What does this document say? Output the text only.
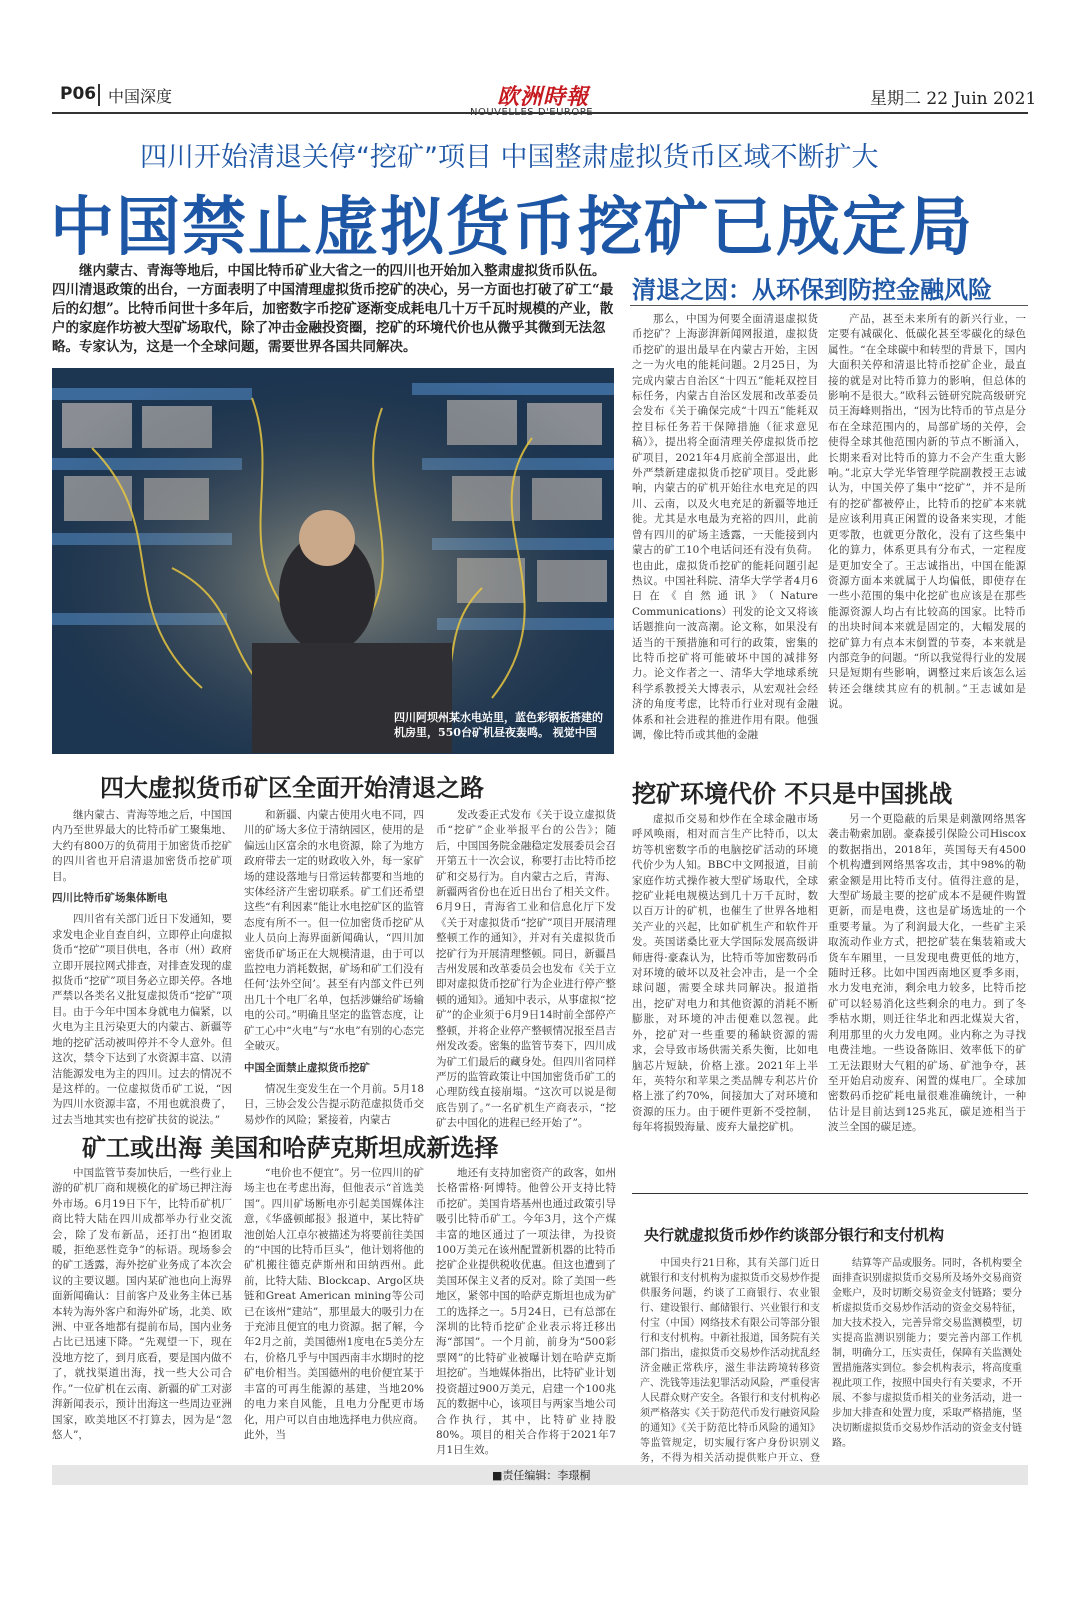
P06 中国深度	欧洲時報	星期二 22 Juin 2021
四川开始清退关停“挖矿”项目 中国整肃虚拟货币区域不断扩大
中国禁止虚拟货币挖矿已成定局
继内蒙古、青海等地后，中国比特币矿业大省之一的四川也开始加入整肃虚拟货币队伍。四川清退政策的出台，一方面表明了中国清理虚拟货币挖矿的决心，另一方面也打破了矿工“最后的幻想”。比特币问世十多年后，加密数字币挖矿逐渐变成耗电几十万千瓦时规模的产业，散户的家庭作坊被大型矿场取代，除了冲击金融投资圈，挖矿的环境代价也从微乎其微到无法忽略。专家认为，这是一个全球问题，需要世界各国共同解决。
四川阿坝州某水电站里，蓝色彩钢板搭建的机房里，550台矿机昼夜轰鸣。 视觉中国
清退之因：从环保到防控金融风险

那么，中国为何要全面清退虚拟货币挖矿？上海澎湃新闻网报道，虚拟货币挖矿的退出最早在内蒙古开始，主因之一为火电的能耗问题。2月25日，为完成内蒙古自治区“十四五”能耗双控目标任务，内蒙古自治区发展和改革委员会发布《关于确保完成“十四五”能耗双控目标任务若干保障措施（征求意见稿）》，提出将全面清理关停虚拟货币挖矿项目，2021年4月底前全部退出，此外严禁新建虚拟货币挖矿项目。受此影响，内蒙古的矿机开始往水电充足的四川、云南，以及火电充足的新疆等地迁徙。尤其是水电最为充裕的四川，此前曾有四川的矿场主透露，一天能接到内蒙古的矿工10个电话问还有没有负荷。也由此，虚拟货币挖矿的能耗问题引起热议。中国社科院、清华大学学者4月6日在《自然通讯》（Nature Communications）刊发的论文又将该话题推向一波高潮。论文称，如果没有适当的干预措施和可行的政策，密集的比特币挖矿将可能破坏中国的减排努力。论文作者之一、清华大学地球系统科学系教授关大博表示，从宏观社会经济的角度考虑，比特币行业对现有金融体系和社会进程的推进作用有限。他强调，像比特币或其他的金融

产品，甚至未来所有的新兴行业，一定要有减碳化、低碳化甚至零碳化的绿色属性。“在全球碳中和转型的背景下，国内大面积关停和清退比特币挖矿企业，最直接的就是对比特币算力的影响，但总体的影响不是很大。”欧科云链研究院高级研究员王海峰则指出，“因为比特币的节点是分布在全球范围内的，局部矿场的关停，会使得全球其他范围内新的节点不断涌入，长期来看对比特币的算力不会产生重大影响。”北京大学光华管理学院副教授王志诚认为，中国关停了集中“挖矿”，并不是所有的挖矿都被停止，比特币的挖矿本来就是应该利用真正闲置的设备来实现，才能更零散，也就更分散化，没有了这些集中化的算力，体系更具有分布式，一定程度是更加安全了。王志诚指出，中国在能源资源方面本来就属于人均偏低，即使存在一些小范围的集中化挖矿也应该是在那些能源资源人均占有比较高的国家。比特币的出块时间本来就是固定的，大幅发展的挖矿算力有点本末倒置的节奏，本来就是内部竞争的问题。“所以我觉得行业的发展只是短期有些影响，调整过来后该怎么运转还会继续其应有的机制。”王志诚如是说。

四大虚拟货币矿区全面开始清退之路

继内蒙古、青海等地之后，中国国内乃至世界最大的比特币矿工聚集地、大约有800万的负荷用于加密货币挖矿的四川省也开启清退加密货币挖矿项目。

四川比特币矿场集体断电

四川省有关部门近日下发通知，要求发电企业自查自纠，立即停止向虚拟货币“挖矿”项目供电，各市（州）政府立即开展拉网式排查，对排查发现的虚拟货币“挖矿”项目务必立即关停。各地严禁以各类名义批复虚拟货币“挖矿”项目。由于今年中国本身就电力偏紧，以火电为主且污染更大的内蒙古、新疆等地的挖矿活动被叫停并不令人意外。但这次，禁令下达到了水资源丰富、以清洁能源发电为主的四川。过去的情况不是这样的。一位虚拟货币矿工说，“因为四川水资源丰富，不用也就浪费了，过去当地其实也有挖矿扶贫的说法。”

和新疆、内蒙古使用火电不同，四川的矿场大多位于清纳园区，使用的是偏远山区富余的水电资源，除了为地方政府带去一定的财政收入外，每一家矿场的建设落地与日常运转都要和当地的实体经济产生密切联系。矿工们还希望这些“有利因素”能让水电挖矿区的监管态度有所不一。但一位加密货币挖矿从业人员向上海界面新闻确认，“四川加密货币矿场正在大规模清退，由于可以监控电力消耗数据，矿场和矿工们没有任何‘法外空间’。甚至有内部文件已列出几十个电厂名单，包括涉嫌给矿场输电的公司。”明确且坚定的监管态度，让矿工心中“火电”与“水电”有别的心态完全破灭。

中国全面禁止虚拟货币挖矿

情况生变发生在一个月前。5月18日，三协会发公告提示防范虚拟货币交易炒作的风险；紧接着，内蒙古

发改委正式发布《关于设立虚拟货币“挖矿”企业举报平台的公告》；随后，中国国务院金融稳定发展委员会召开第五十一次会议，称要打击比特币挖矿和交易行为。自内蒙古之后，青海、新疆两省份也在近日出台了相关文件。6月9日，青海省工业和信息化厅下发《关于对虚拟货币“挖矿”项目开展清理整顿工作的通知》，并对有关虚拟货币挖矿行为开展清理整顿。同日，新疆昌吉州发展和改革委员会也发布《关于立即对虚拟货币挖矿行为企业进行停产整顿的通知》。通知中表示，从事虚拟“挖矿”的企业须于6月9日14时前全部停产整顿，并将企业停产整顿情况报至昌吉州发改委。密集的监管节奏下，四川成为矿工们最后的藏身处。但四川省同样严厉的监管政策让中国加密货币矿工的心理防线直接崩塌。“这次可以说是彻底告别了。”一名矿机生产商表示，“挖矿去中国化的进程已经开始了”。

挖矿环境代价 不只是中国挑战

虚拟币交易和炒作在全球金融市场呼风唤雨，相对而言生产比特币，以太坊等机密数字币的电脑挖矿活动的环境代价少为人知。BBC中文网报道，目前家庭作坊式操作被大型矿场取代，全球挖矿业耗电规模达到几十万千瓦时，数以百万计的矿机，也催生了世界各地相关产业的兴起，比如矿机生产和软件开发。英国诺桑比亚大学国际发展高级讲师唐得·豪森认为，比特币等加密数码币对环境的破坏以及社会冲击，是一个全球问题，需要全球共同解决。报道指出，挖矿对电力和其他资源的消耗不断膨胀，对环境的冲击便难以忽视。此外，挖矿对一些重要的稀缺资源的需求，会导致市场供需关系失衡，比如电脑芯片短缺，价格上涨。2021年上半年，英特尔和苹果之类品牌专利芯片价格上涨了约70%，间接加大了对环境和资源的压力。由于硬件更新不受控制，每年将损毁海量、废弃大量挖矿机。

另一个更隐蔽的后果是刺激网络黑客袭击勒索加剧。豪森援引保险公司Hiscox的数据指出，2018年，英国每天有4500个机构遭到网络黑客攻击，其中98%的勒索金额是用比特币支付。值得注意的是，大型矿场最主要的挖矿成本不是硬件购置更新，而是电费，这也是矿场选址的一个重要考量。为了利润最大化，一些矿主采取流动作业方式，把挖矿装在集装箱或大货车车厢里，一旦发现电费更低的地方，随时迁移。比如中国西南地区夏季多雨，水力发电充沛，剩余电力较多，比特币挖矿可以轻易消化这些剩余的电力。到了冬季枯水期，则迁往华北和西北煤炭大省，利用那里的火力发电网。业内称之为寻找电费洼地。一些设备陈旧、效率低下的矿工无法跟财大气粗的矿场、矿池争夺，甚至开始启动废弃、闲置的煤电厂。全球加密数码币挖矿耗电量很难准确统计，一种估计是目前达到125兆瓦，碳足迹相当于波兰全国的碳足迹。

矿工或出海 美国和哈萨克斯坦成新选择

中国监管节奏加快后，一些行业上游的矿机厂商和规模化的矿场已押注海外市场。6月19日下午，比特币矿机厂商比特大陆在四川成都举办行业交流会，除了发布新品，还打出“抱团取暖，拒绝恶性竞争”的标语。现场参会的矿工透露，海外挖矿业务成了本次会议的主要议题。国内某矿池也向上海界面新闻确认：目前客户及业务主体已基本转为海外客户和海外矿场，北美、欧洲、中亚各地都有提前布局，国内业务占比已迅速下降。“先观望一下，现在没地方挖了，到月底看，要是国内做不了，就找渠道出海，找一些大公司合作。”一位矿机在云南、新疆的矿工对澎湃新闻表示，预计出海这一些周边亚洲国家，欧美地区不打算去，因为是“忽悠人”，

“电价也不便宜”。另一位四川的矿场主也在考虑出海，但他表示“首选美国”。四川矿场断电亦引起美国媒体注意，《华盛顿邮报》报道中，某比特矿池创始人江卓尔被描述为将要前往美国的“中国的比特币巨头”，他计划将他的矿机搬往德克萨斯州和田纳西州。此前，比特大陆、Blockcap、Argo区块链和Great American mining等公司已在该州“建站”，那里最大的吸引力在于充沛且便宜的电力资源。据了解，今年2月之前，美国德州1度电在5美分左右，价格几乎与中国西南丰水期时的挖矿电价相当。美国德州的电价便宜某于丰富的可再生能源的基建，当地20%的电力来自风能，且电力分配更市场化，用户可以自由地选择电力供应商。此外，当

地还有支持加密资产的政客，如州长格雷格·阿博特。他曾公开支持比特币挖矿。美国肯塔基州也通过政策引导吸引比特币矿工。今年3月，这个产煤丰富的地区通过了一项法律，为投资100万美元在该州配置新机器的比特币挖矿企业提供税收优惠。但这也遭到了美国环保主义者的反对。除了美国一些地区，紧邻中国的哈萨克斯坦也成为矿工的选择之一。5月24日，已有总部在深圳的比特币挖矿企业表示将迁移出海“部国”。一个月前，前身为“500彩票网”的比特矿业被曝计划在哈萨克斯坦挖矿。当地媒体指出，比特矿业计划投资超过900万美元，启建一个100兆瓦的数据中心，该项目与两家当地公司合作执行，其中，比特矿业持股80%。项目的相关合作将于2021年7月1日生效。

央行就虚拟货币炒作约谈部分银行和支付机构

中国央行21日称，其有关部门近日就银行和支付机构为虚拟货币交易炒作提供服务问题，约谈了工商银行、农业银行、建设银行、邮储银行、兴业银行和支付宝（中国）网络技术有限公司等部分银行和支付机构。中新社报道，国务院有关部门指出，虚拟货币交易炒作活动扰乱经济金融正常秩序，滋生非法跨境转移资产、洗钱等违法犯罪活动风险，严重侵害人民群众财产安全。各银行和支付机构必须严格落实《关于防范代币发行融资风险的通知》《关于防范比特币风险的通知》等监管规定，切实履行客户身份识别义务，不得为相关活动提供账户开立、登

结算等产品或服务。同时，各机构要全面排查识别虚拟货币交易所及场外交易商资金账户，及时切断交易资金支付链路；要分析虚拟货币交易炒作活动的资金交易特征，加大技术投入，完善异常交易监测模型，切实提高监测识别能力；要完善内部工作机制，明确分工，压实责任，保障有关监测处置措施落实到位。参会机构表示，将高度重视此项工作，按照中国央行有关要求，不开展、不参与虚拟货币相关的业务活动，进一步加大排查和处置力度，采取严格措施，坚决切断虚拟货币交易炒作活动的资金支付链路。

■责任编辑：李璟桐
